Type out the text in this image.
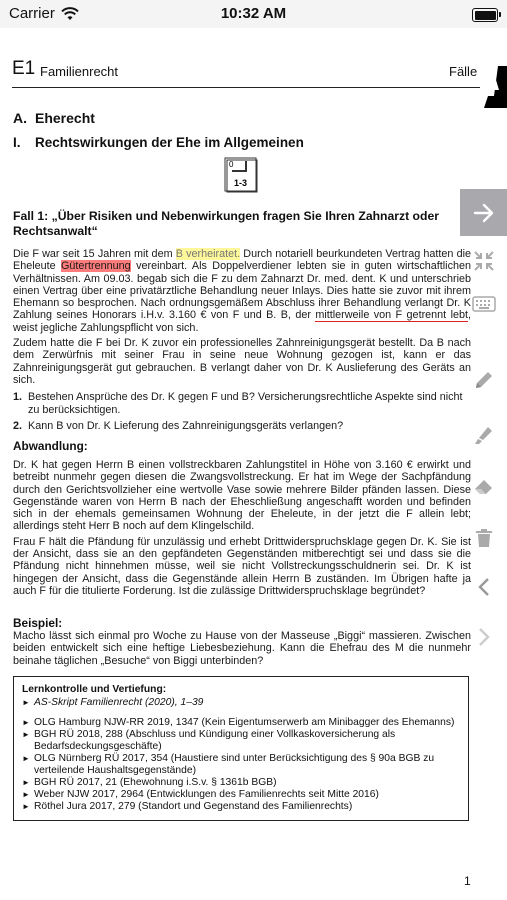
Carrier	10:32 AM
E1 Familienrecht	Fälle
A. Eherecht
I. Rechtswirkungen der Ehe im Allgemeinen
0
1-3
Fall 1: „Über Risiken und Nebenwirkungen fragen Sie Ihren Zahnarzt oder Rechtsanwalt“

Die F war seit 15 Jahren mit dem B verheiratet. Durch notariell beurkundeten Vertrag hatten die Eheleute Gütertrennung vereinbart. Als Doppelverdiener lebten sie in guten wirtschaftlichen Verhältnissen. Am 09.03. begab sich die F zu dem Zahnarzt Dr. med. dent. K und unterschrieb einen Vertrag über eine privatärztliche Behandlung neuer Inlays. Dies hatte sie zuvor mit ihrem Ehemann so besprochen. Nach ordnungsgemäßem Abschluss ihrer Behandlung verlangt Dr. K Zahlung seines Honorars i.H.v. 3.160 € von F und B. B, der mittlerweile von F getrennt lebt, weist jegliche Zahlungspflicht von sich.

Zudem hatte die F bei Dr. K zuvor ein professionelles Zahnreinigungsgerät bestellt. Da B nach dem Zerwürfnis mit seiner Frau in seine neue Wohnung gezogen ist, kann er das Zahnreinigungsgerät gut gebrauchen. B verlangt daher von Dr. K Auslieferung des Geräts an sich.

1. Bestehen Ansprüche des Dr. K gegen F und B? Versicherungsrechtliche Aspekte sind nicht zu berücksichtigen.
2. Kann B von Dr. K Lieferung des Zahnreinigungsgeräts verlangen?
Abwandlung:

Dr. K hat gegen Herrn B einen vollstreckbaren Zahlungstitel in Höhe von 3.160 € erwirkt und betreibt nunmehr gegen diesen die Zwangsvollstreckung. Er hat im Wege der Sachpfändung durch den Gerichtsvollzieher eine wertvolle Vase sowie mehrere Bilder pfänden lassen. Diese Gegenstände waren von Herrn B nach der Eheschließung angeschafft worden und befinden sich in der ehemals gemeinsamen Wohnung der Eheleute, in der jetzt die F allein lebt; allerdings steht Herr B noch auf dem Klingelschild.

Frau F hält die Pfändung für unzulässig und erhebt Drittwiderspruchsklage gegen Dr. K. Sie ist der Ansicht, dass sie an den gepfändeten Gegenständen mitberechtigt sei und dass sie die Pfändung nicht hinnehmen müsse, weil sie nicht Vollstreckungsschuldnerin sei. Dr. K ist hingegen der Ansicht, dass die Gegenstände allein Herrn B zuständen. Im Übrigen hafte ja auch F für die titulierte Forderung. Ist die zulässige Drittwiderspruchsklage begründet?

Beispiel:

Macho lässt sich einmal pro Woche zu Hause von der Masseuse „Biggi“ massieren. Zwischen beiden entwickelt sich eine heftige Liebesbeziehung. Kann die Ehefrau des M die nunmehr beinahe täglichen „Besuche“ von Biggi unterbinden?

Lernkontrolle und Vertiefung:
► AS-Skript Familienrecht (2020), 1–39
► OLG Hamburg NJW-RR 2019, 1347 (Kein Eigentumserwerb am Minibagger des Ehemanns)
► BGH RÜ 2018, 288 (Abschluss und Kündigung einer Vollkaskoversicherung als Bedarfsdeckungsgeschäfte)
► OLG Nürnberg RÜ 2017, 354 (Haustiere sind unter Berücksichtigung des § 90a BGB zu verteilende Haushaltsgegenstände)
► BGH RÜ 2017, 21 (Ehewohnung i.S.v. § 1361b BGB)
► Weber NJW 2017, 2964 (Entwicklungen des Familienrechts seit Mitte 2016)
► Röthel Jura 2017, 279 (Standort und Gegenstand des Familienrechts)
1
